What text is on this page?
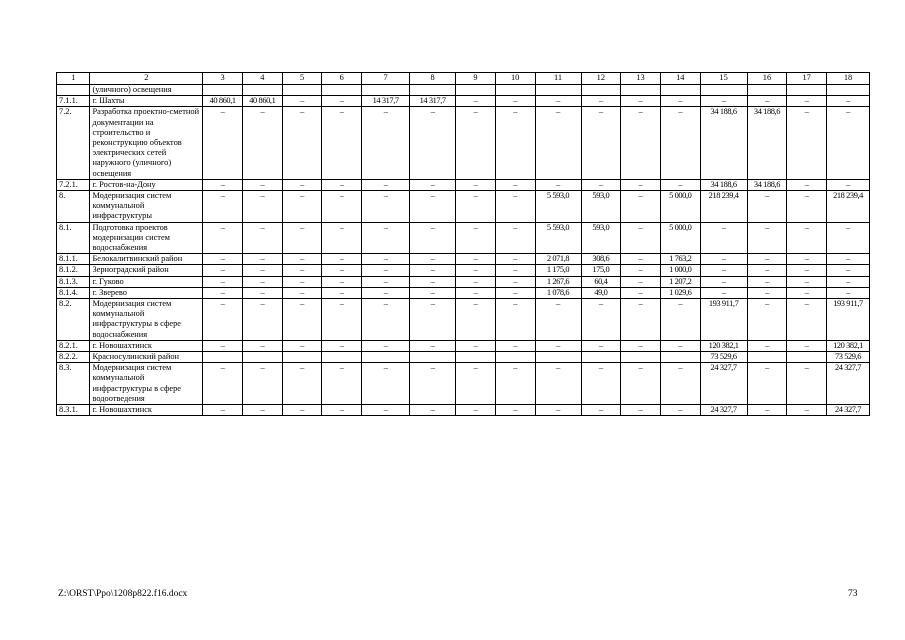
1	2	3	4	5	6	7	8	9	10	11	12	13	14	15	16	17	18
	(уличного) освещения																
7.1.1.	г. Шахты	40 860,1	40 860,1	–	–	14 317,7	14 317,7	–	–	–	–	–	–	–	–	–	–
7.2.	Разработка проектно-сметной документации на строительство и реконструкцию объектов электрических сетей наружного (уличного) освещения	–	–	–	–	–	–	–	–	–	–	–	–	34 188,6	34 188,6	–	–
7.2.1.	г. Ростов-на-Дону	–	–	–	–	–	–	–	–	–	–	–	–	34 188,6	34 188,6	–	–
8.	Модернизация систем коммунальной инфраструктуры	–	–	–	–	–	–	–	–	5 593,0	593,0	–	5 000,0	218 239,4	–	–	218 239,4
8.1.	Подготовка проектов модернизации систем водоснабжения	–	–	–	–	–	–	–	–	5 593,0	593,0	–	5 000,0	–	–	–	–
8.1.1.	Белокалитвинский район	–	–	–	–	–	–	–	–	2 071,8	308,6	–	1 763,2	–	–	–	–
8.1.2.	Зерноградский район	–	–	–	–	–	–	–	–	1 175,0	175,0	–	1 000,0	–	–	–	–
8.1.3.	г. Гуково	–	–	–	–	–	–	–	–	1 267,6	60,4	–	1 207,2	–	–	–	–
8.1.4.	г. Зверево	–	–	–	–	–	–	–	–	1 078,6	49,0	–	1 029,6	–	–	–	–
8.2.	Модернизация систем коммунальной инфраструктуры в сфере водоснабжения	–	–	–	–	–	–	–	–	–	–	–	–	193 911,7	–	–	193 911,7
8.2.1.	г. Новошахтинск	–	–	–	–	–	–	–	–	–	–	–	–	120 382,1	–	–	120 382,1
8.2.2.	Красносулинский район													73 529,6			73 529,6
8.3.	Модернизация систем коммунальной инфраструктуры в сфере водоотведения	–	–	–	–	–	–	–	–	–	–	–	–	24 327,7	–	–	24 327,7
8.3.1.	г. Новошахтинск	–	–	–	–	–	–	–	–	–	–	–	–	24 327,7	–	–	24 327,7
Z:\ORST\Ppo\1208p822.f16.docx	73
